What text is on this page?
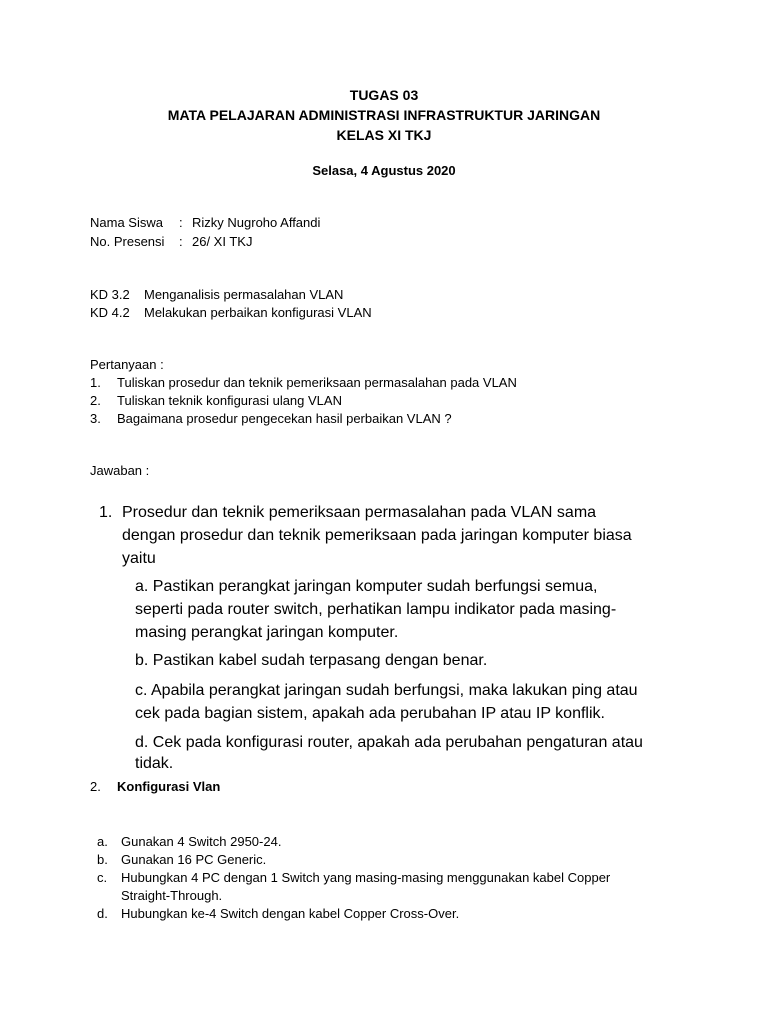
TUGAS 03
MATA PELAJARAN ADMINISTRASI INFRASTRUKTUR JARINGAN
KELAS XI TKJ
Selasa, 4 Agustus 2020
Nama Siswa : Rizky Nugroho Affandi
No. Presensi : 26/ XI TKJ
KD 3.2 Menganalisis permasalahan VLAN
KD 4.2 Melakukan perbaikan konfigurasi VLAN
Pertanyaan :
1. Tuliskan prosedur dan teknik pemeriksaan permasalahan pada VLAN
2. Tuliskan teknik konfigurasi ulang VLAN
3. Bagaimana prosedur pengecekan hasil perbaikan VLAN ?
Jawaban :
1. Prosedur dan teknik pemeriksaan permasalahan pada VLAN sama
dengan prosedur dan teknik pemeriksaan pada jaringan komputer biasa
yaitu
a. Pastikan perangkat jaringan komputer sudah berfungsi semua,
seperti pada router switch, perhatikan lampu indikator pada masing-
masing perangkat jaringan komputer.
b. Pastikan kabel sudah terpasang dengan benar.
c. Apabila perangkat jaringan sudah berfungsi, maka lakukan ping atau
cek pada bagian sistem, apakah ada perubahan IP atau IP konflik.
d. Cek pada konfigurasi router, apakah ada perubahan pengaturan atau
tidak.
2. Konfigurasi Vlan
a. Gunakan 4 Switch 2950-24.
b. Gunakan 16 PC Generic.
c. Hubungkan 4 PC dengan 1 Switch yang masing-masing menggunakan kabel Copper
Straight-Through.
d. Hubungkan ke-4 Switch dengan kabel Copper Cross-Over.
